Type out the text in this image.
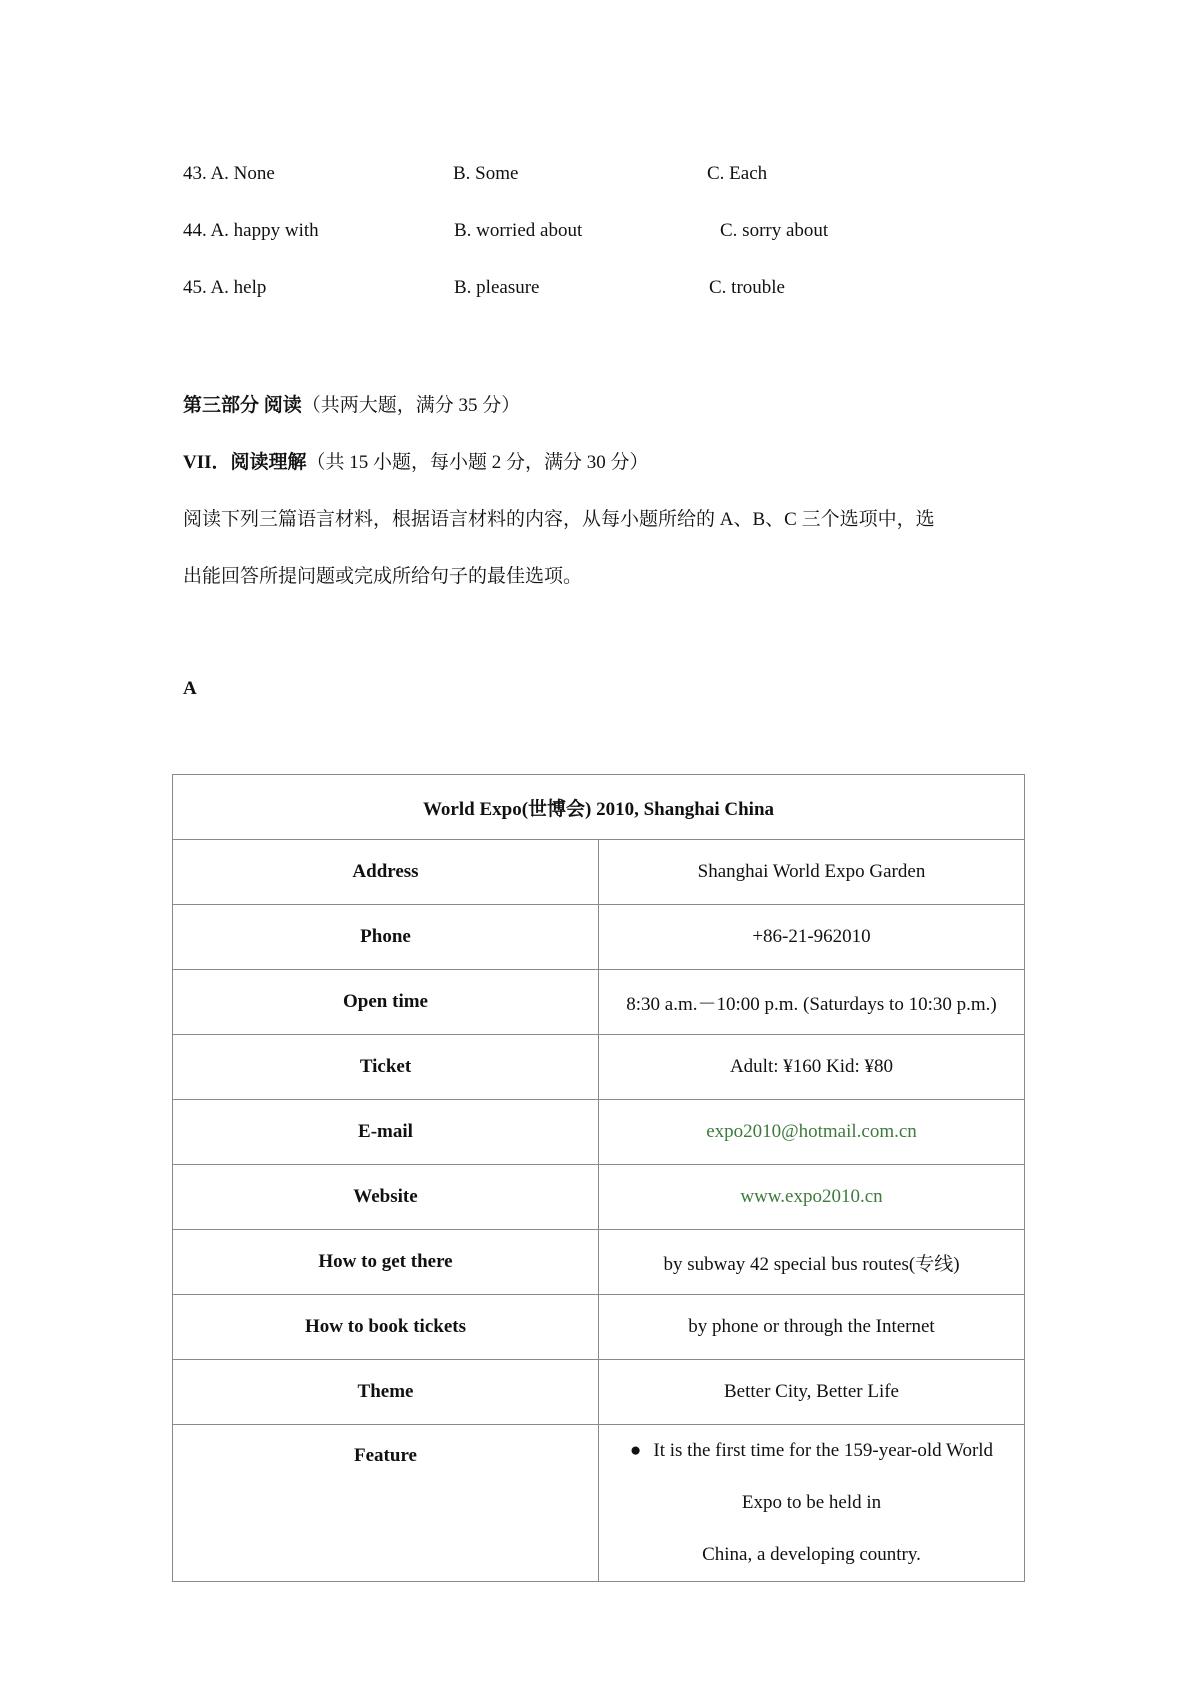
43. A. None	B. Some	C. Each
44. A. happy with	B. worried about	C. sorry about
45. A. help	B. pleasure	C. trouble
第三部分 阅读（共两大题，满分 35 分）
VII．阅读理解（共 15 小题，每小题 2 分，满分 30 分）
阅读下列三篇语言材料，根据语言材料的内容，从每小题所给的 A、B、C 三个选项中，选
出能回答所提问题或完成所给句子的最佳选项。
A
World Expo(世博会) 2010, Shanghai China	
Address	Shanghai World Expo Garden
Phone	+86-21-962010
Open time	8:30 a.m.－10:00 p.m. (Saturdays to 10:30 p.m.)
Ticket	Adult: ¥160 Kid: ¥80
E-mail	expo2010@hotmail.com.cn
Website	www.expo2010.cn
How to get there	by subway 42 special bus routes(专线)
How to book tickets	by phone or through the Internet
Theme	Better City, Better Life
Feature	● It is the first time for the 159-year-old World Expo to be held in
China, a developing country.
